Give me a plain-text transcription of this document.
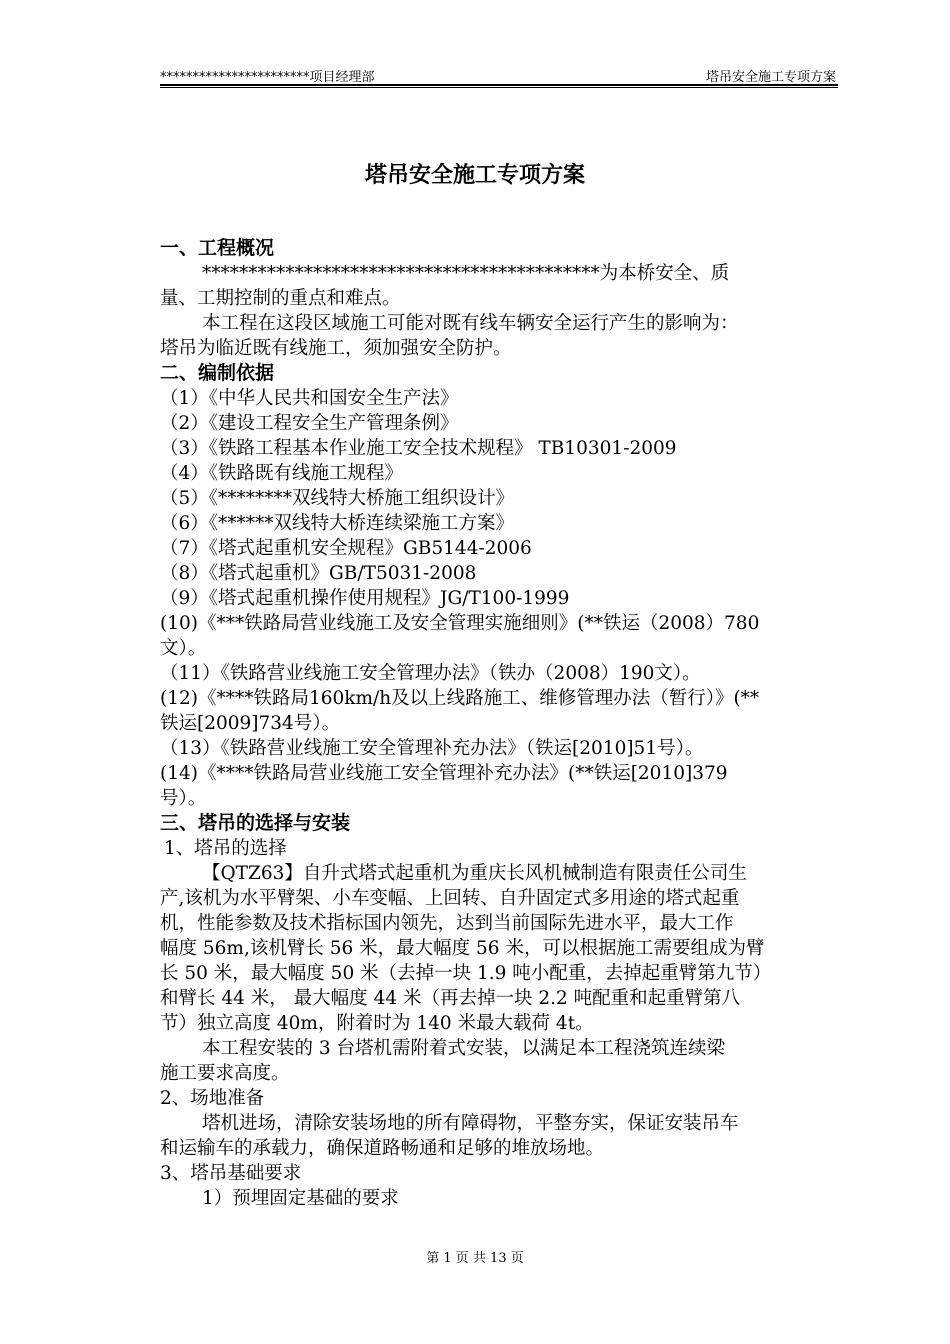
***********************项目经理部	塔吊安全施工专项方案
塔吊安全施工专项方案
一、工程概况
*******************************************为本桥安全、质
量、工期控制的重点和难点。
本工程在这段区域施工可能对既有线车辆安全运行产生的影响为：
塔吊为临近既有线施工，须加强安全防护。
二、编制依据
（1）《中华人民共和国安全生产法》
（2）《建设工程安全生产管理条例》
（3）《铁路工程基本作业施工安全技术规程》 TB10301-2009
（4）《铁路既有线施工规程》
（5）《********双线特大桥施工组织设计》
（6）《******双线特大桥连续梁施工方案》
（7）《塔式起重机安全规程》GB5144-2006
（8）《塔式起重机》GB/T5031-2008
（9）《塔式起重机操作使用规程》JG/T100-1999
(10)《***铁路局营业线施工及安全管理实施细则》(**铁运（2008）780
文）。
（11）《铁路营业线施工安全管理办法》（铁办（2008）190文）。
(12)《****铁路局160km/h及以上线路施工、维修管理办法（暂行）》(**
铁运[2009]734号）。
（13）《铁路营业线施工安全管理补充办法》（铁运[2010]51号）。
(14)《****铁路局营业线施工安全管理补充办法》(**铁运[2010]379
号）。
三、塔吊的选择与安装
1、塔吊的选择
【QTZ63】自升式塔式起重机为重庆长风机械制造有限责任公司生
产,该机为水平臂架、小车变幅、上回转、自升固定式多用途的塔式起重
机，性能参数及技术指标国内领先，达到当前国际先进水平，最大工作
幅度 56m,该机臂长 56 米，最大幅度 56 米，可以根据施工需要组成为臂
长 50 米，最大幅度 50 米（去掉一块 1.9 吨小配重，去掉起重臂第九节）
和臂长 44 米， 最大幅度 44 米（再去掉一块 2.2 吨配重和起重臂第八
节）独立高度 40m，附着时为 140 米最大载荷 4t。
本工程安装的 3 台塔机需附着式安装，以满足本工程浇筑连续梁
施工要求高度。
2、场地准备
塔机进场，清除安装场地的所有障碍物，平整夯实，保证安装吊车
和运输车的承载力，确保道路畅通和足够的堆放场地。
3、塔吊基础要求
1）预埋固定基础的要求
第 1 页 共 13 页
